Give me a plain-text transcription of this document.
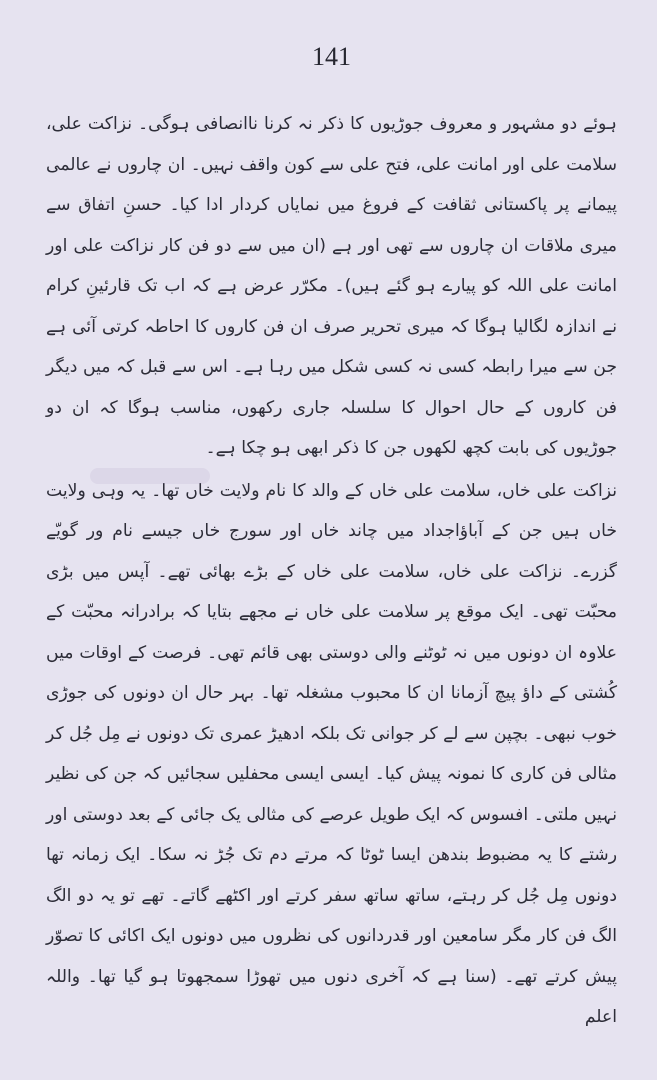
141

ہوئے دو مشہور و معروف جوڑیوں کا ذکر نہ کرنا ناانصافی ہوگی۔ نزاکت علی، سلامت علی اور امانت علی، فتح علی سے کون واقف نہیں۔ ان چاروں نے عالمی پیمانے پر پاکستانی ثقافت کے فروغ میں نمایاں کردار ادا کیا۔ حسنِ اتفاق سے میری ملاقات ان چاروں سے تھی اور ہے (ان میں سے دو فن کار نزاکت علی اور امانت علی اللہ کو پیارے ہو گئے ہیں)۔ مکرّر عرض ہے کہ اب تک قارئینِ کرام نے اندازہ لگالیا ہوگا کہ میری تحریر صرف ان فن کاروں کا احاطہ کرتی آئی ہے جن سے میرا رابطہ کسی نہ کسی شکل میں رہا ہے۔ اس سے قبل کہ میں دیگر فن کاروں کے حال احوال کا سلسلہ جاری رکھوں، مناسب ہوگا کہ ان دو جوڑیوں کی بابت کچھ لکھوں جن کا ذکر ابھی ہو چکا ہے۔

نزاکت علی خاں، سلامت علی خاں کے والد کا نام ولایت خاں تھا۔ یہ وہی ولایت خاں ہیں جن کے آباؤاجداد میں چاند خاں اور سورج خاں جیسے نام ور گویّے گزرے۔ نزاکت علی خاں، سلامت علی خاں کے بڑے بھائی تھے۔ آپس میں بڑی محبّت تھی۔ ایک موقع پر سلامت علی خاں نے مجھے بتایا کہ برادرانہ محبّت کے علاوہ ان دونوں میں نہ ٹوٹنے والی دوستی بھی قائم تھی۔ فرصت کے اوقات میں کُشتی کے داؤ پیچ آزمانا ان کا محبوب مشغلہ تھا۔ بہر حال ان دونوں کی جوڑی خوب نبھی۔ بچپن سے لے کر جوانی تک بلکہ ادھیڑ عمری تک دونوں نے مِل جُل کر مثالی فن کاری کا نمونہ پیش کیا۔ ایسی ایسی محفلیں سجائیں کہ جن کی نظیر نہیں ملتی۔ افسوس کہ ایک طویل عرصے کی مثالی یک جائی کے بعد دوستی اور رشتے کا یہ مضبوط بندھن ایسا ٹوٹا کہ مرتے دم تک جُڑ نہ سکا۔ ایک زمانہ تھا دونوں مِل جُل کر رہتے، ساتھ ساتھ سفر کرتے اور اکٹھے گاتے۔ تھے تو یہ دو الگ الگ فن کار مگر سامعین اور قدردانوں کی نظروں میں دونوں ایک اکائی کا تصوّر پیش کرتے تھے۔ (سنا ہے کہ آخری دنوں میں تھوڑا سمجھوتا ہو گیا تھا۔ واللہ اعلم
